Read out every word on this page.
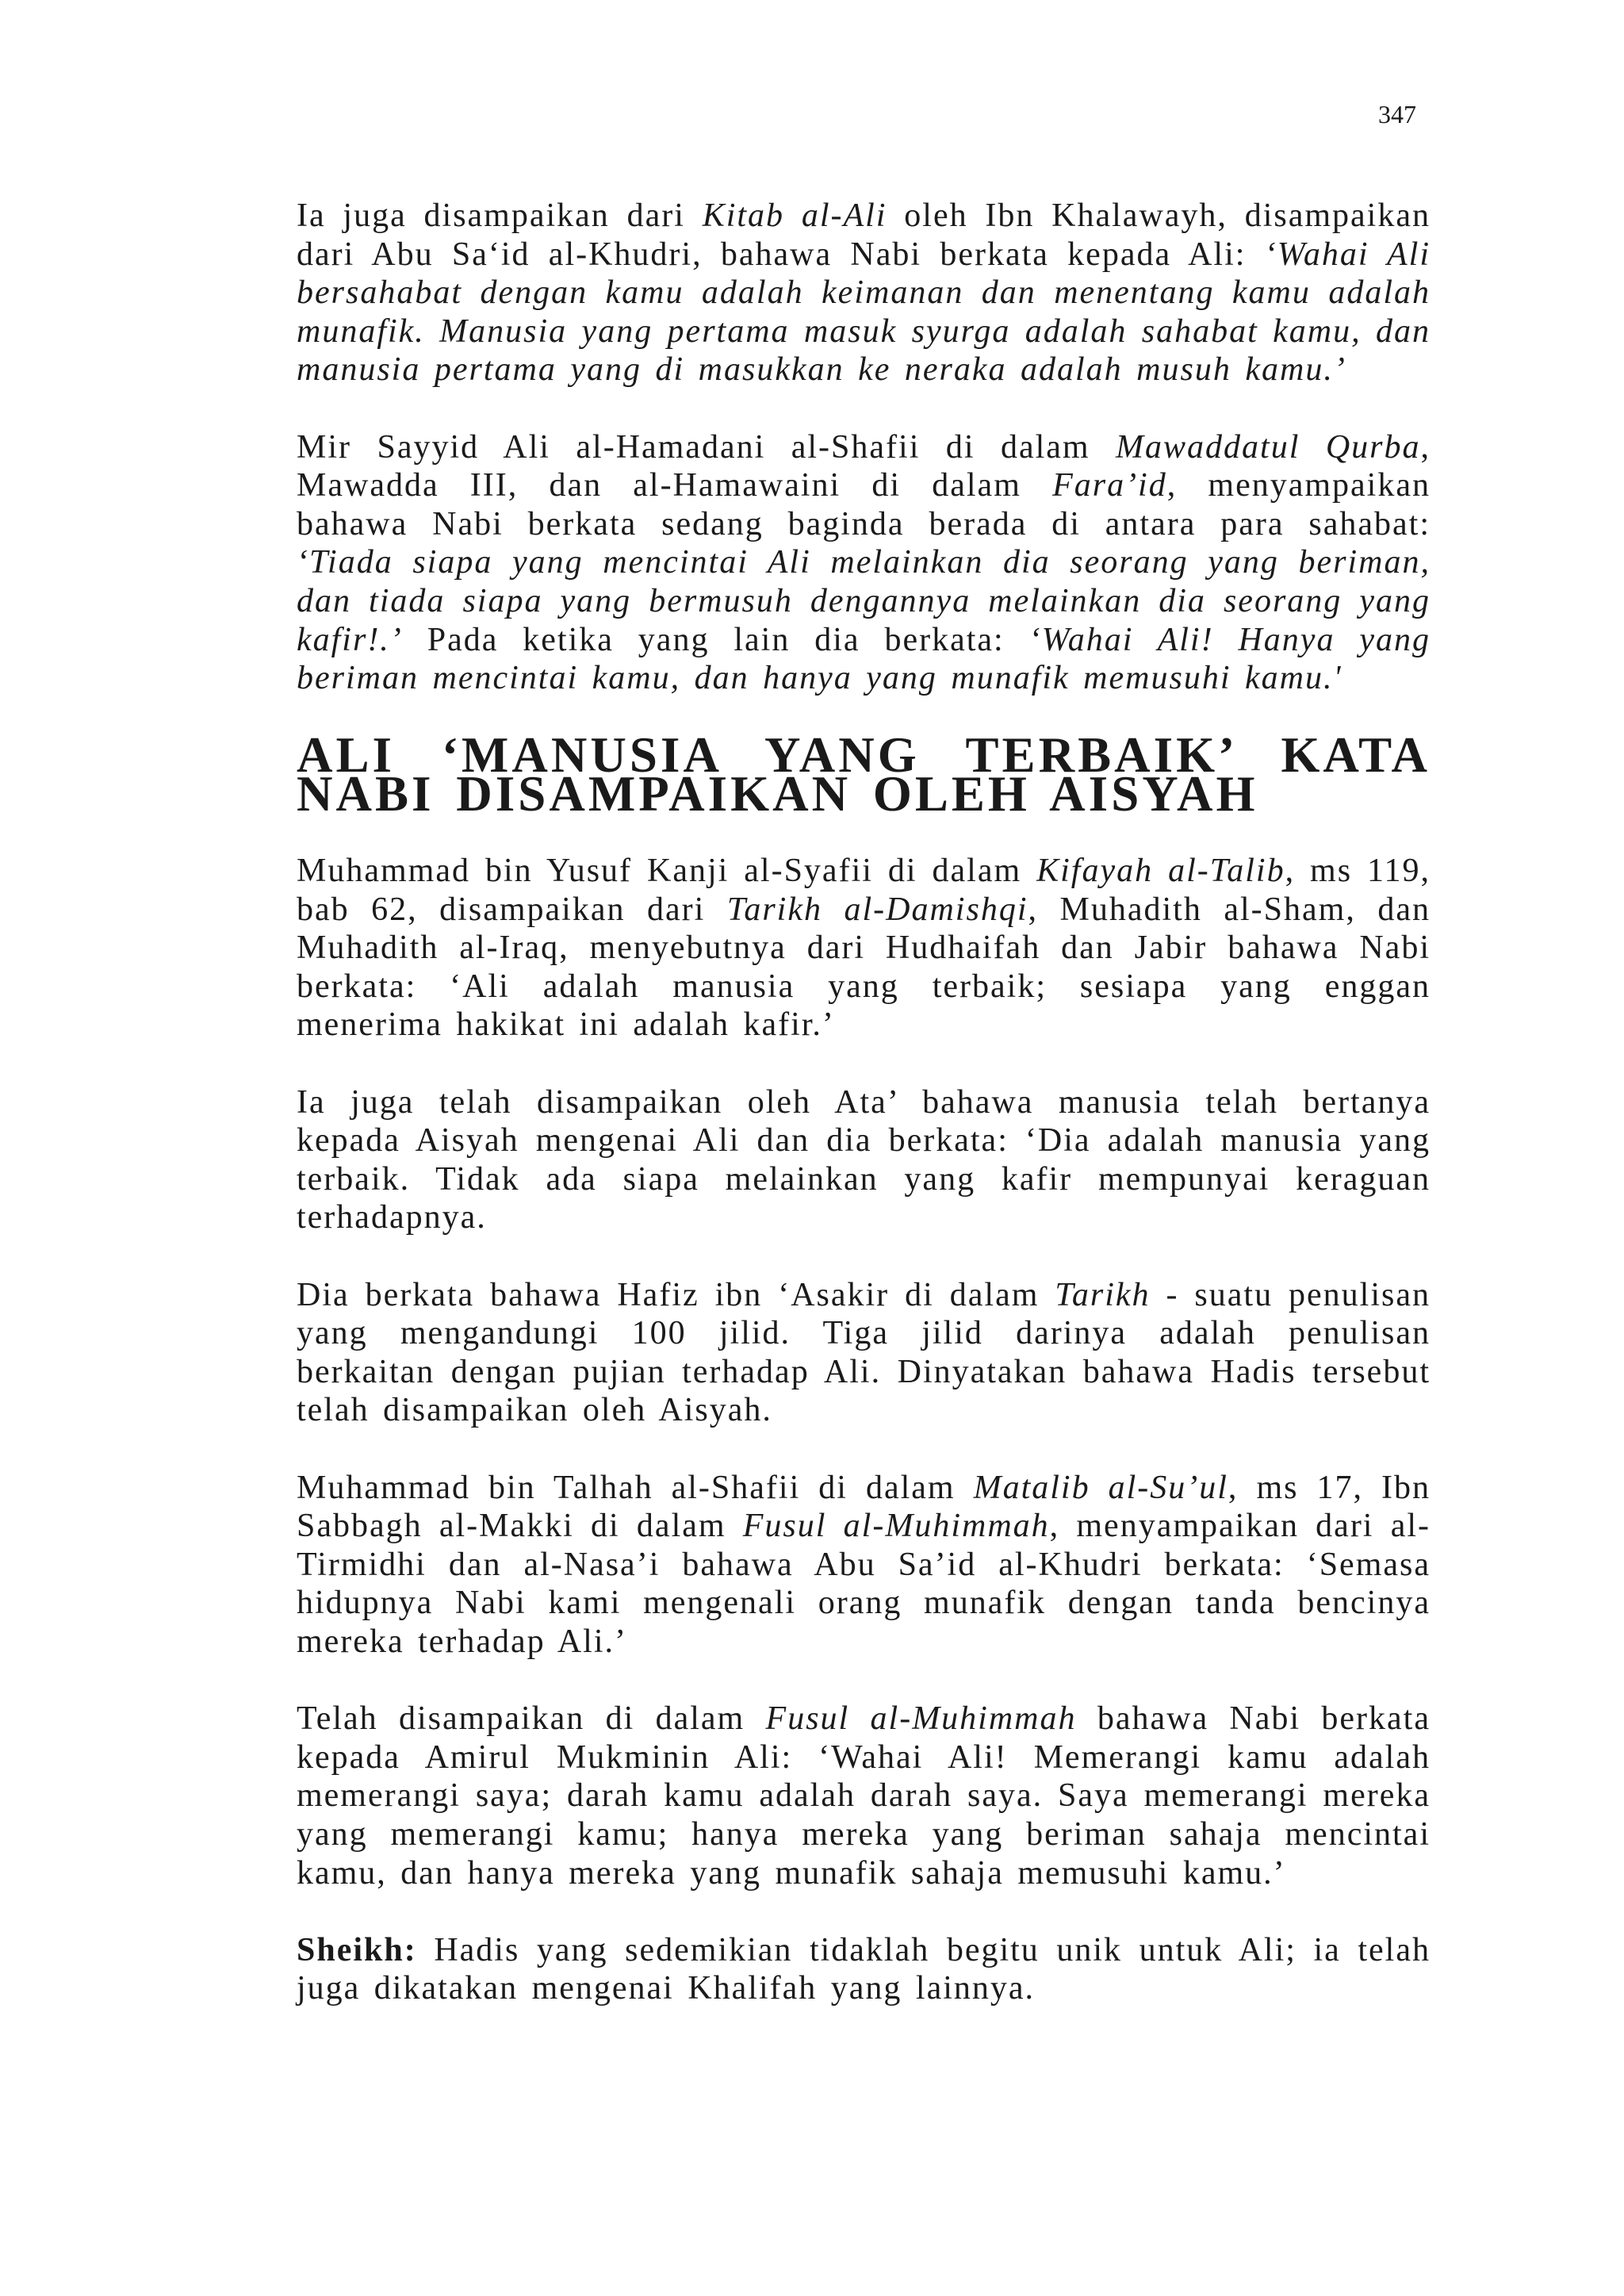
347

Ia juga disampaikan dari Kitab al-Ali oleh Ibn Khalawayh, disampaikan dari Abu Sa‘id al-Khudri, bahawa Nabi berkata kepada Ali: ‘Wahai Ali bersahabat dengan kamu adalah keimanan dan menentang kamu adalah munafik. Manusia yang pertama masuk syurga adalah sahabat kamu, dan manusia pertama yang di masukkan ke neraka adalah musuh kamu.’

Mir Sayyid Ali al-Hamadani al-Shafii di dalam Mawaddatul Qurba, Mawadda III, dan al-Hamawaini di dalam Fara’id, menyampaikan bahawa Nabi berkata sedang baginda berada di antara para sahabat: ‘Tiada siapa yang mencintai Ali melainkan dia seorang yang beriman, dan tiada siapa yang bermusuh dengannya melainkan dia seorang yang kafir!.’ Pada ketika yang lain dia berkata: ‘Wahai Ali! Hanya yang beriman mencintai kamu, dan hanya yang munafik memusuhi kamu.'

ALI ‘MANUSIA YANG TERBAIK’ KATA NABI DISAMPAIKAN OLEH AISYAH

Muhammad bin Yusuf Kanji al-Syafii di dalam Kifayah al-Talib, ms 119, bab 62, disampaikan dari Tarikh al-Damishqi, Muhadith al-Sham, dan Muhadith al-Iraq, menyebutnya dari Hudhaifah dan Jabir bahawa Nabi berkata: ‘Ali adalah manusia yang terbaik; sesiapa yang enggan menerima hakikat ini adalah kafir.’

Ia juga telah disampaikan oleh Ata’ bahawa manusia telah bertanya kepada Aisyah mengenai Ali dan dia berkata: ‘Dia adalah manusia yang terbaik. Tidak ada siapa melainkan yang kafir mempunyai keraguan terhadapnya.

Dia berkata bahawa Hafiz ibn ‘Asakir di dalam Tarikh - suatu penulisan yang mengandungi 100 jilid. Tiga jilid darinya adalah penulisan berkaitan dengan pujian terhadap Ali. Dinyatakan bahawa Hadis tersebut telah disampaikan oleh Aisyah.

Muhammad bin Talhah al-Shafii di dalam Matalib al-Su’ul, ms 17, Ibn Sabbagh al-Makki di dalam Fusul al-Muhimmah, menyampaikan dari al-Tirmidhi dan al-Nasa’i bahawa Abu Sa’id al-Khudri berkata: ‘Semasa hidupnya Nabi kami mengenali orang munafik dengan tanda bencinya mereka terhadap Ali.’

Telah disampaikan di dalam Fusul al-Muhimmah bahawa Nabi berkata kepada Amirul Mukminin Ali: ‘Wahai Ali! Memerangi kamu adalah memerangi saya; darah kamu adalah darah saya. Saya memerangi mereka yang memerangi kamu; hanya mereka yang beriman sahaja mencintai kamu, dan hanya mereka yang munafik sahaja memusuhi kamu.’

Sheikh: Hadis yang sedemikian tidaklah begitu unik untuk Ali; ia telah juga dikatakan mengenai Khalifah yang lainnya.
